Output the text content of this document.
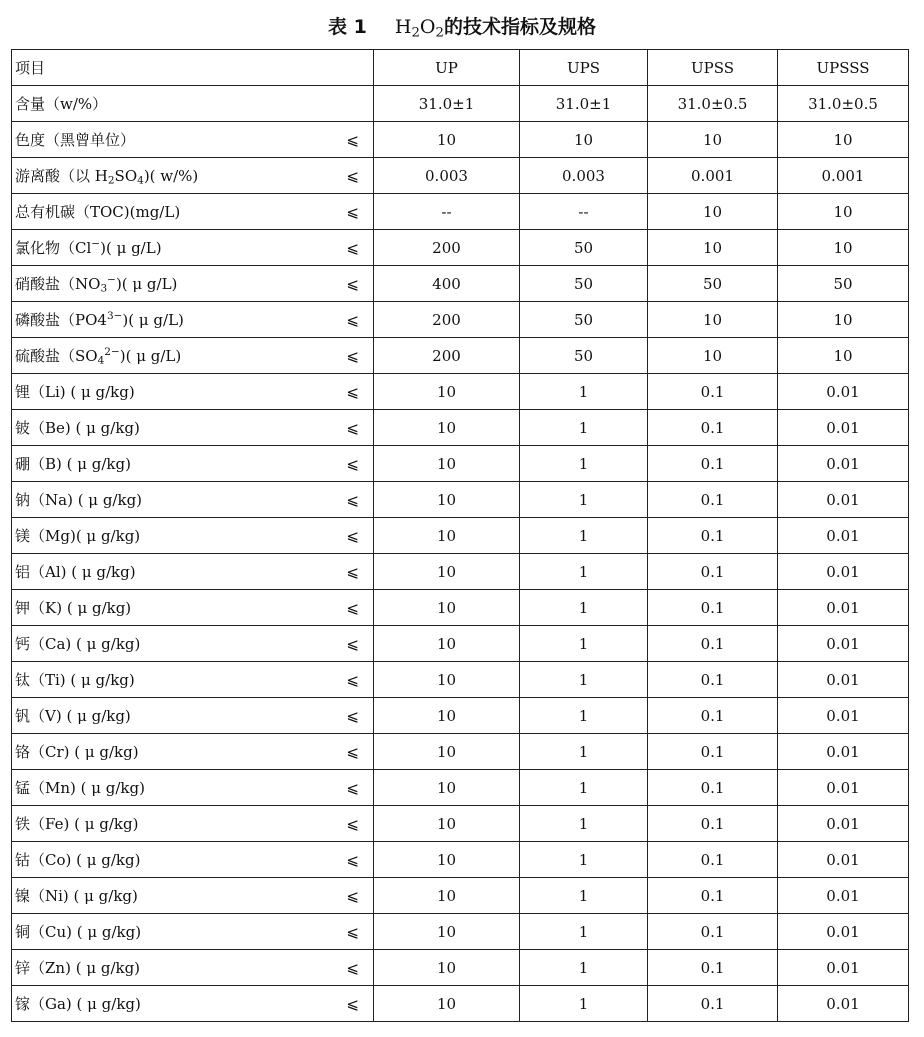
表 1 $H_2O_2$的技术指标及规格
项目	UP	UPS	UPSS	UPSSS
含量（w/%）	31.0±1	31.0±1	31.0±0.5	31.0±0.5
色度（黑曾单位） ⩽	10	10	10	10
游离酸（以 $H_2SO_4$)( w/%) ⩽	0.003	0.003	0.001	0.001
总有机碳（TOC)(mg/L) ⩽	--	--	10	10
氯化物（Cl−)( μ g/L) ⩽	200	50	10	10
硝酸盐$(NO_3^-)$( μ g/L) ⩽	400	50	50	50
磷酸盐$(PO4^{3-})$( μ g/L) ⩽	200	50	10	10
硫酸盐$(SO_4^{2-})$( μ g/L) ⩽	200	50	10	10
锂（Li) ( μ g/kg) ⩽	10	1	0.1	0.01
铍（Be) ( μ g/kg) ⩽	10	1	0.1	0.01
硼（B) ( μ g/kg) ⩽	10	1	0.1	0.01
钠（Na) ( μ g/kg) ⩽	10	1	0.1	0.01
镁（Mg)( μ g/kg) ⩽	10	1	0.1	0.01
铝（Al) ( μ g/kg) ⩽	10	1	0.1	0.01
钾（K) ( μ g/kg) ⩽	10	1	0.1	0.01
钙（Ca) ( μ g/kg) ⩽	10	1	0.1	0.01
钛（Ti) ( μ g/kg) ⩽	10	1	0.1	0.01
钒（V) ( μ g/kg) ⩽	10	1	0.1	0.01
铬（Cr) ( μ g/kg) ⩽	10	1	0.1	0.01
锰（Mn) ( μ g/kg) ⩽	10	1	0.1	0.01
铁（Fe) ( μ g/kg) ⩽	10	1	0.1	0.01
钴（Co) ( μ g/kg) ⩽	10	1	0.1	0.01
镍（Ni) ( μ g/kg) ⩽	10	1	0.1	0.01
铜（Cu) ( μ g/kg) ⩽	10	1	0.1	0.01
锌（Zn) ( μ g/kg) ⩽	10	1	0.1	0.01
镓（Ga) ( μ g/kg) ⩽	10	1	0.1	0.01
